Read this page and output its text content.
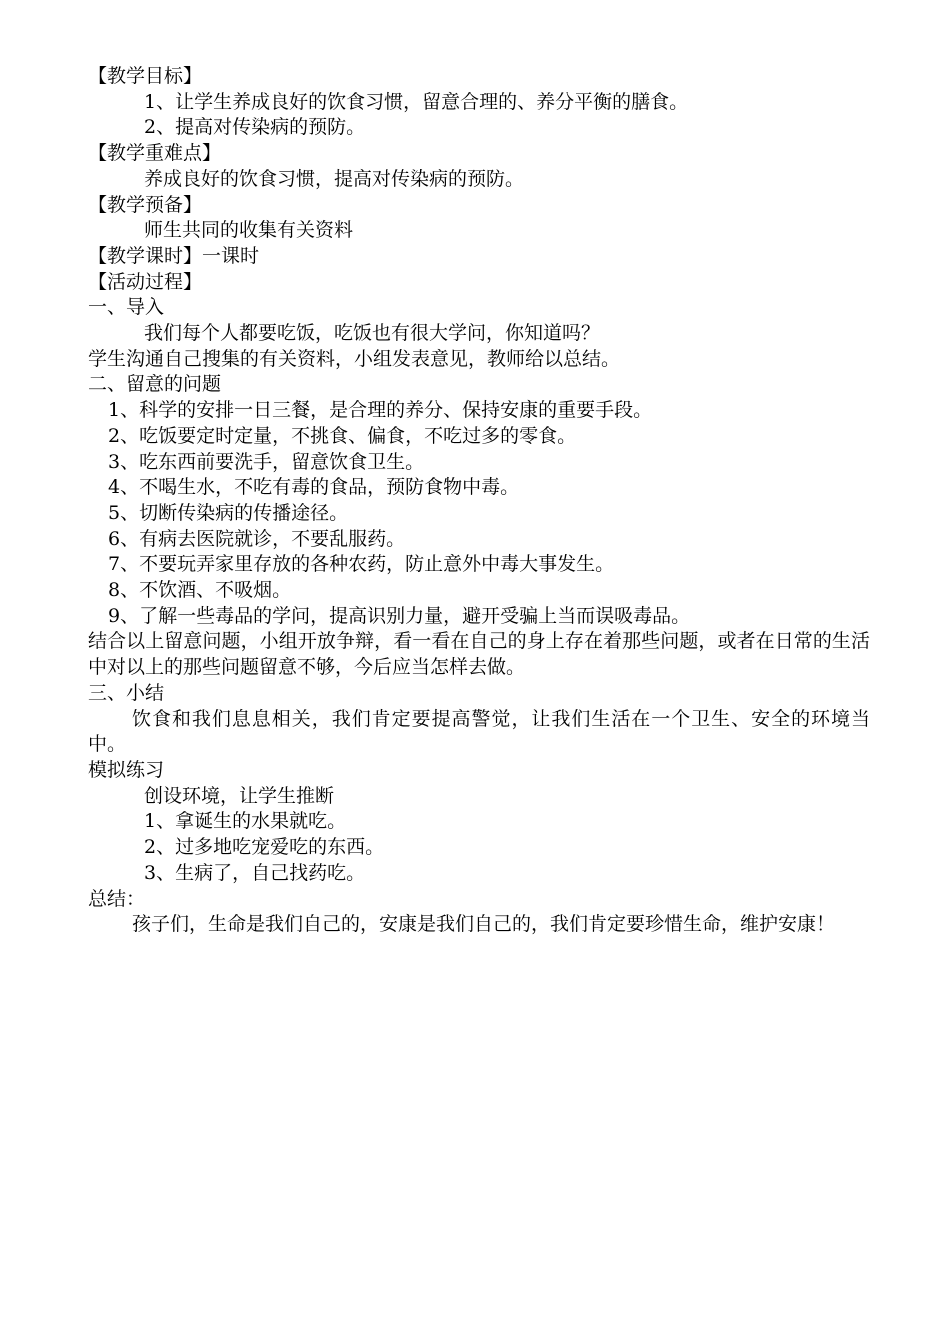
【教学目标】
1、让学生养成良好的饮食习惯，留意合理的、养分平衡的膳食。
2、提高对传染病的预防。
【教学重难点】
养成良好的饮食习惯，提高对传染病的预防。
【教学预备】
师生共同的收集有关资料
【教学课时】一课时
【活动过程】
一、导入
我们每个人都要吃饭，吃饭也有很大学问，你知道吗？
学生沟通自己搜集的有关资料，小组发表意见，教师给以总结。
二、留意的问题
1、科学的安排一日三餐，是合理的养分、保持安康的重要手段。
2、吃饭要定时定量，不挑食、偏食，不吃过多的零食。
3、吃东西前要洗手，留意饮食卫生。
4、不喝生水，不吃有毒的食品，预防食物中毒。
5、切断传染病的传播途径。
6、有病去医院就诊，不要乱服药。
7、不要玩弄家里存放的各种农药，防止意外中毒大事发生。
8、不饮酒、不吸烟。
9、了解一些毒品的学问，提高识别力量，避开受骗上当而误吸毒品。
结合以上留意问题，小组开放争辩，看一看在自己的身上存在着那些问题，或者在日常的生活中对以上的那些问题留意不够，今后应当怎样去做。
三、小结
饮食和我们息息相关，我们肯定要提高警觉，让我们生活在一个卫生、安全的环境当中。
模拟练习
创设环境，让学生推断
1、拿诞生的水果就吃。
2、过多地吃宠爱吃的东西。
3、生病了，自己找药吃。
总结：
孩子们，生命是我们自己的，安康是我们自己的，我们肯定要珍惜生命，维护安康！
